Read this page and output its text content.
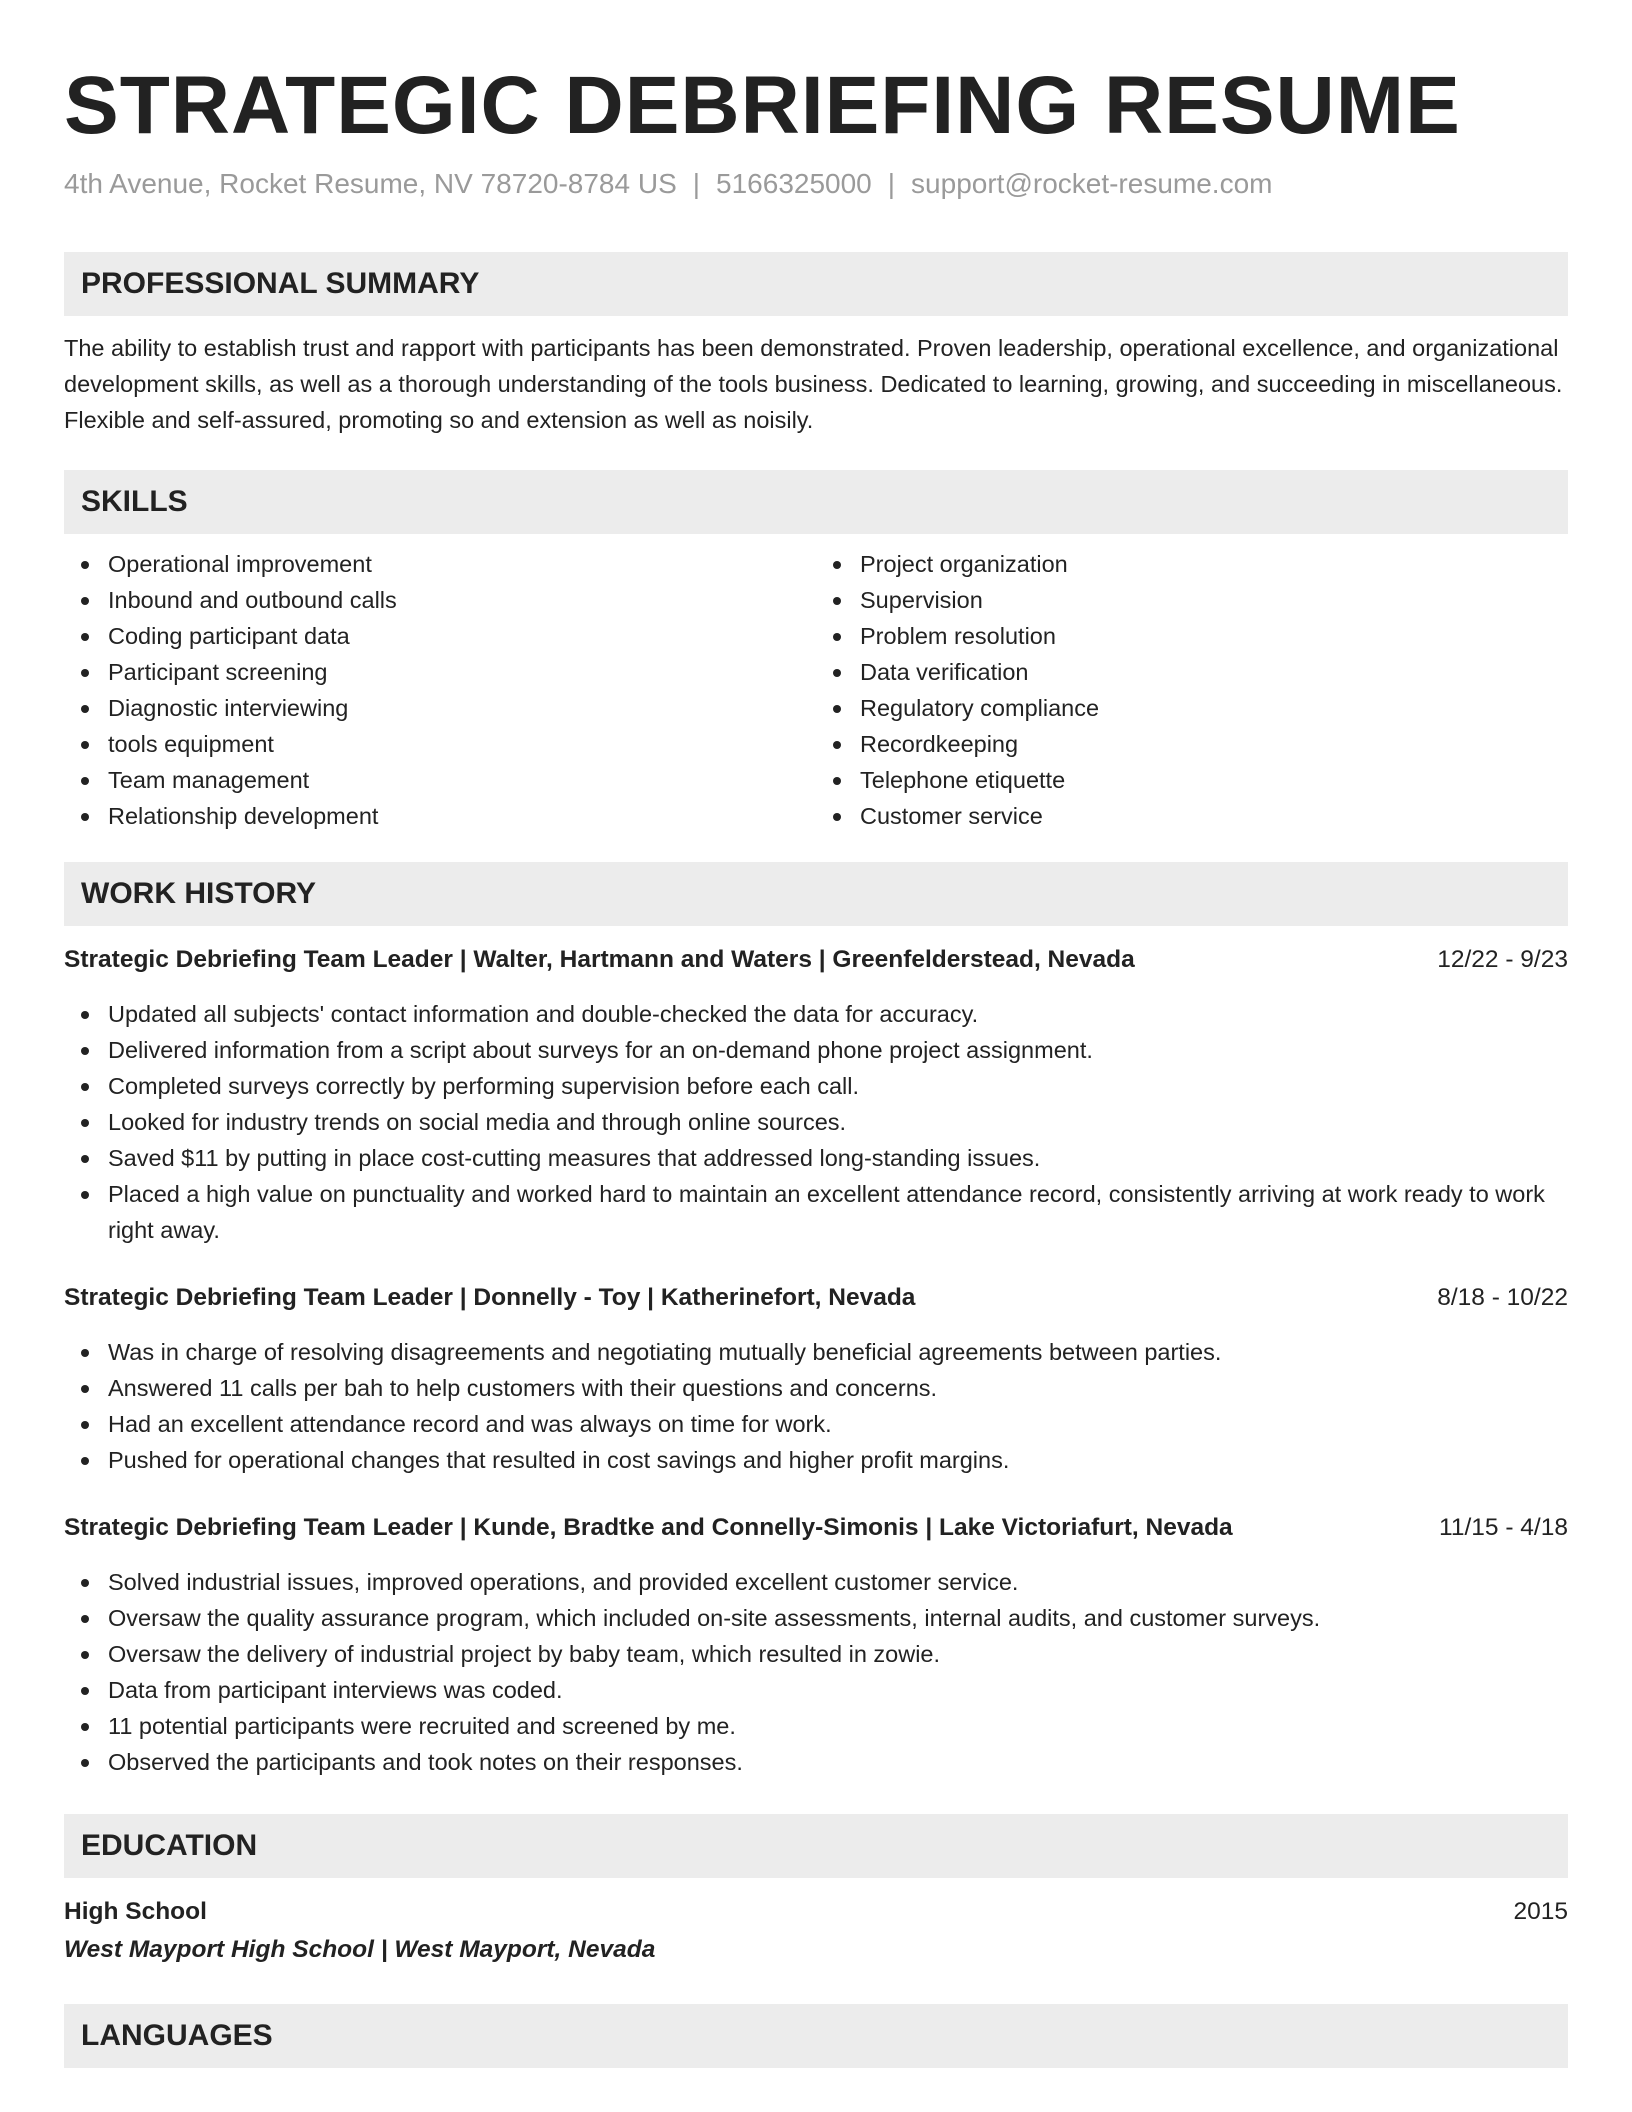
STRATEGIC DEBRIEFING RESUME
4th Avenue, Rocket Resume, NV 78720-8784 US | 5166325000 | support@rocket-resume.com
PROFESSIONAL SUMMARY

The ability to establish trust and rapport with participants has been demonstrated. Proven leadership, operational excellence, and organizational development skills, as well as a thorough understanding of the tools business. Dedicated to learning, growing, and succeeding in miscellaneous. Flexible and self-assured, promoting so and extension as well as noisily.

SKILLS
Operational improvement
Inbound and outbound calls
Coding participant data
Participant screening
Diagnostic interviewing
tools equipment
Team management
Relationship development
Project organization
Supervision
Problem resolution
Data verification
Regulatory compliance
Recordkeeping
Telephone etiquette
Customer service
WORK HISTORY
Strategic Debriefing Team Leader | Walter, Hartmann and Waters | Greenfelderstead, Nevada	12/22 - 9/23
Updated all subjects' contact information and double-checked the data for accuracy.
Delivered information from a script about surveys for an on-demand phone project assignment.
Completed surveys correctly by performing supervision before each call.
Looked for industry trends on social media and through online sources.
Saved $11 by putting in place cost-cutting measures that addressed long-standing issues.
Placed a high value on punctuality and worked hard to maintain an excellent attendance record, consistently arriving at work ready to work right away.
Strategic Debriefing Team Leader | Donnelly - Toy | Katherinefort, Nevada	8/18 - 10/22
Was in charge of resolving disagreements and negotiating mutually beneficial agreements between parties.
Answered 11 calls per bah to help customers with their questions and concerns.
Had an excellent attendance record and was always on time for work.
Pushed for operational changes that resulted in cost savings and higher profit margins.
Strategic Debriefing Team Leader | Kunde, Bradtke and Connelly-Simonis | Lake Victoriafurt, Nevada	11/15 - 4/18
Solved industrial issues, improved operations, and provided excellent customer service.
Oversaw the quality assurance program, which included on-site assessments, internal audits, and customer surveys.
Oversaw the delivery of industrial project by baby team, which resulted in zowie.
Data from participant interviews was coded.
11 potential participants were recruited and screened by me.
Observed the participants and took notes on their responses.
EDUCATION
High School	2015
West Mayport High School | West Mayport, Nevada
LANGUAGES
